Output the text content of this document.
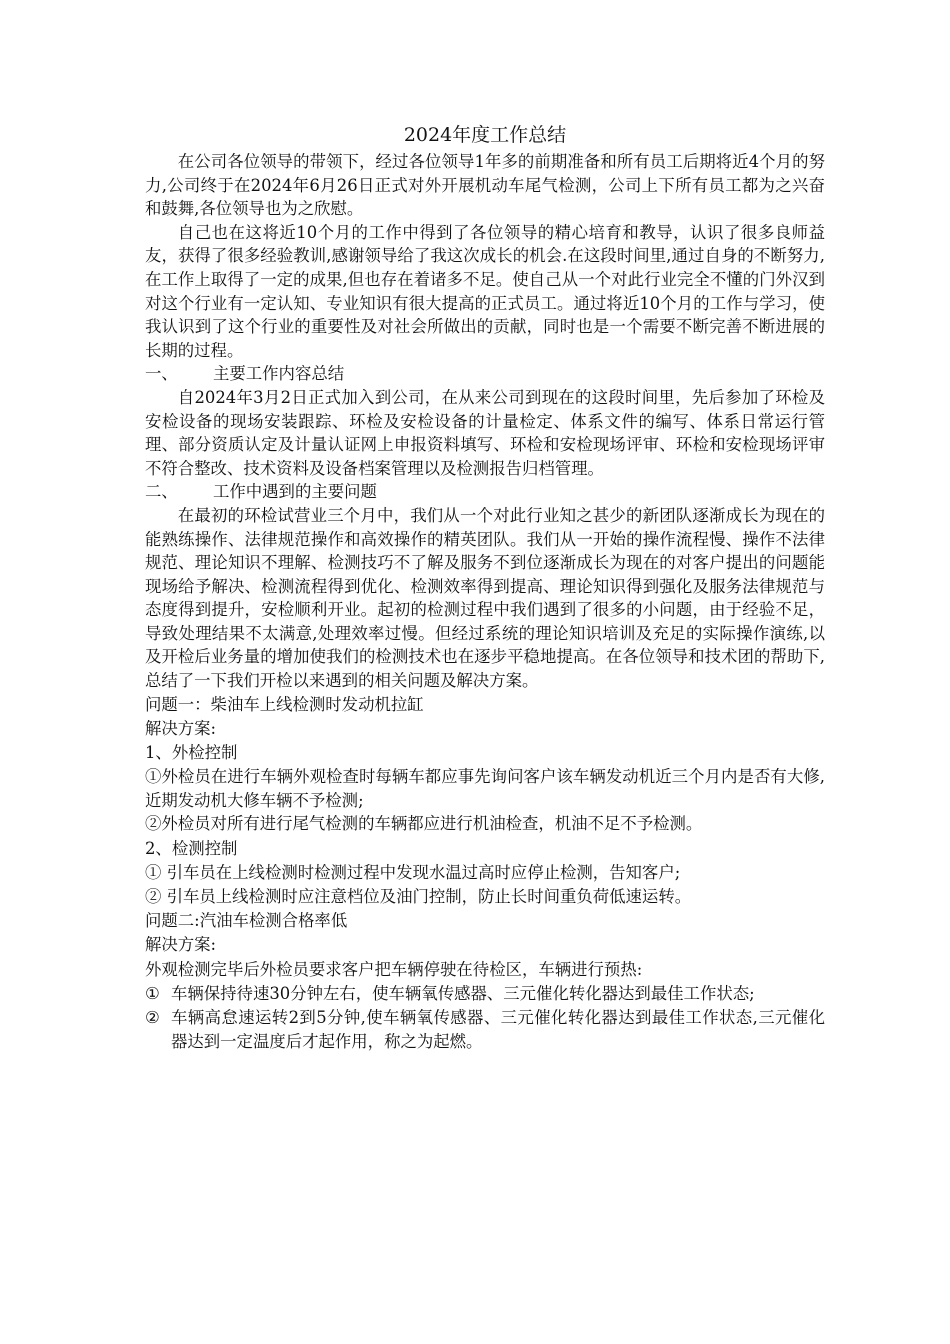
2024年度工作总结

在公司各位领导的带领下，经过各位领导1年多的前期准备和所有员工后期将近4个月的努力,公司终于在2024年6月26日正式对外开展机动车尾气检测，公司上下所有员工都为之兴奋和鼓舞,各位领导也为之欣慰。

自己也在这将近10个月的工作中得到了各位领导的精心培育和教导，认识了很多良师益友，获得了很多经验教训,感谢领导给了我这次成长的机会.在这段时间里,通过自身的不断努力,在工作上取得了一定的成果,但也存在着诸多不足。使自己从一个对此行业完全不懂的门外汉到对这个行业有一定认知、专业知识有很大提高的正式员工。通过将近10个月的工作与学习，使我认识到了这个行业的重要性及对社会所做出的贡献，同时也是一个需要不断完善不断进展的长期的过程。

一、	主要工作内容总结

自2024年3月2日正式加入到公司，在从来公司到现在的这段时间里，先后参加了环检及安检设备的现场安装跟踪、环检及安检设备的计量检定、体系文件的编写、体系日常运行管理、部分资质认定及计量认证网上申报资料填写、环检和安检现场评审、环检和安检现场评审不符合整改、技术资料及设备档案管理以及检测报告归档管理。

二、	工作中遇到的主要问题

在最初的环检试营业三个月中，我们从一个对此行业知之甚少的新团队逐渐成长为现在的能熟练操作、法律规范操作和高效操作的精英团队。我们从一开始的操作流程慢、操作不法律规范、理论知识不理解、检测技巧不了解及服务不到位逐渐成长为现在的对客户提出的问题能现场给予解决、检测流程得到优化、检测效率得到提高、理论知识得到强化及服务法律规范与态度得到提升，安检顺利开业。起初的检测过程中我们遇到了很多的小问题，由于经验不足，导致处理结果不太满意,处理效率过慢。但经过系统的理论知识培训及充足的实际操作演练,以及开检后业务量的增加使我们的检测技术也在逐步平稳地提高。在各位领导和技术团的帮助下,总结了一下我们开检以来遇到的相关问题及解决方案。

问题一：柴油车上线检测时发动机拉缸

解决方案:

1、外检控制

①外检员在进行车辆外观检查时每辆车都应事先询问客户该车辆发动机近三个月内是否有大修,近期发动机大修车辆不予检测;

②外检员对所有进行尾气检测的车辆都应进行机油检查，机油不足不予检测。

2、检测控制

① 引车员在上线检测时检测过程中发现水温过高时应停止检测，告知客户;

② 引车员上线检测时应注意档位及油门控制，防止长时间重负荷低速运转。

问题二:汽油车检测合格率低

解决方案:

外观检测完毕后外检员要求客户把车辆停驶在待检区，车辆进行预热:

① 车辆保持待速30分钟左右，使车辆氧传感器、三元催化转化器达到最佳工作状态;
② 车辆高怠速运转2到5分钟,使车辆氧传感器、三元催化转化器达到最佳工作状态,三元催化器达到一定温度后才起作用，称之为起燃。
